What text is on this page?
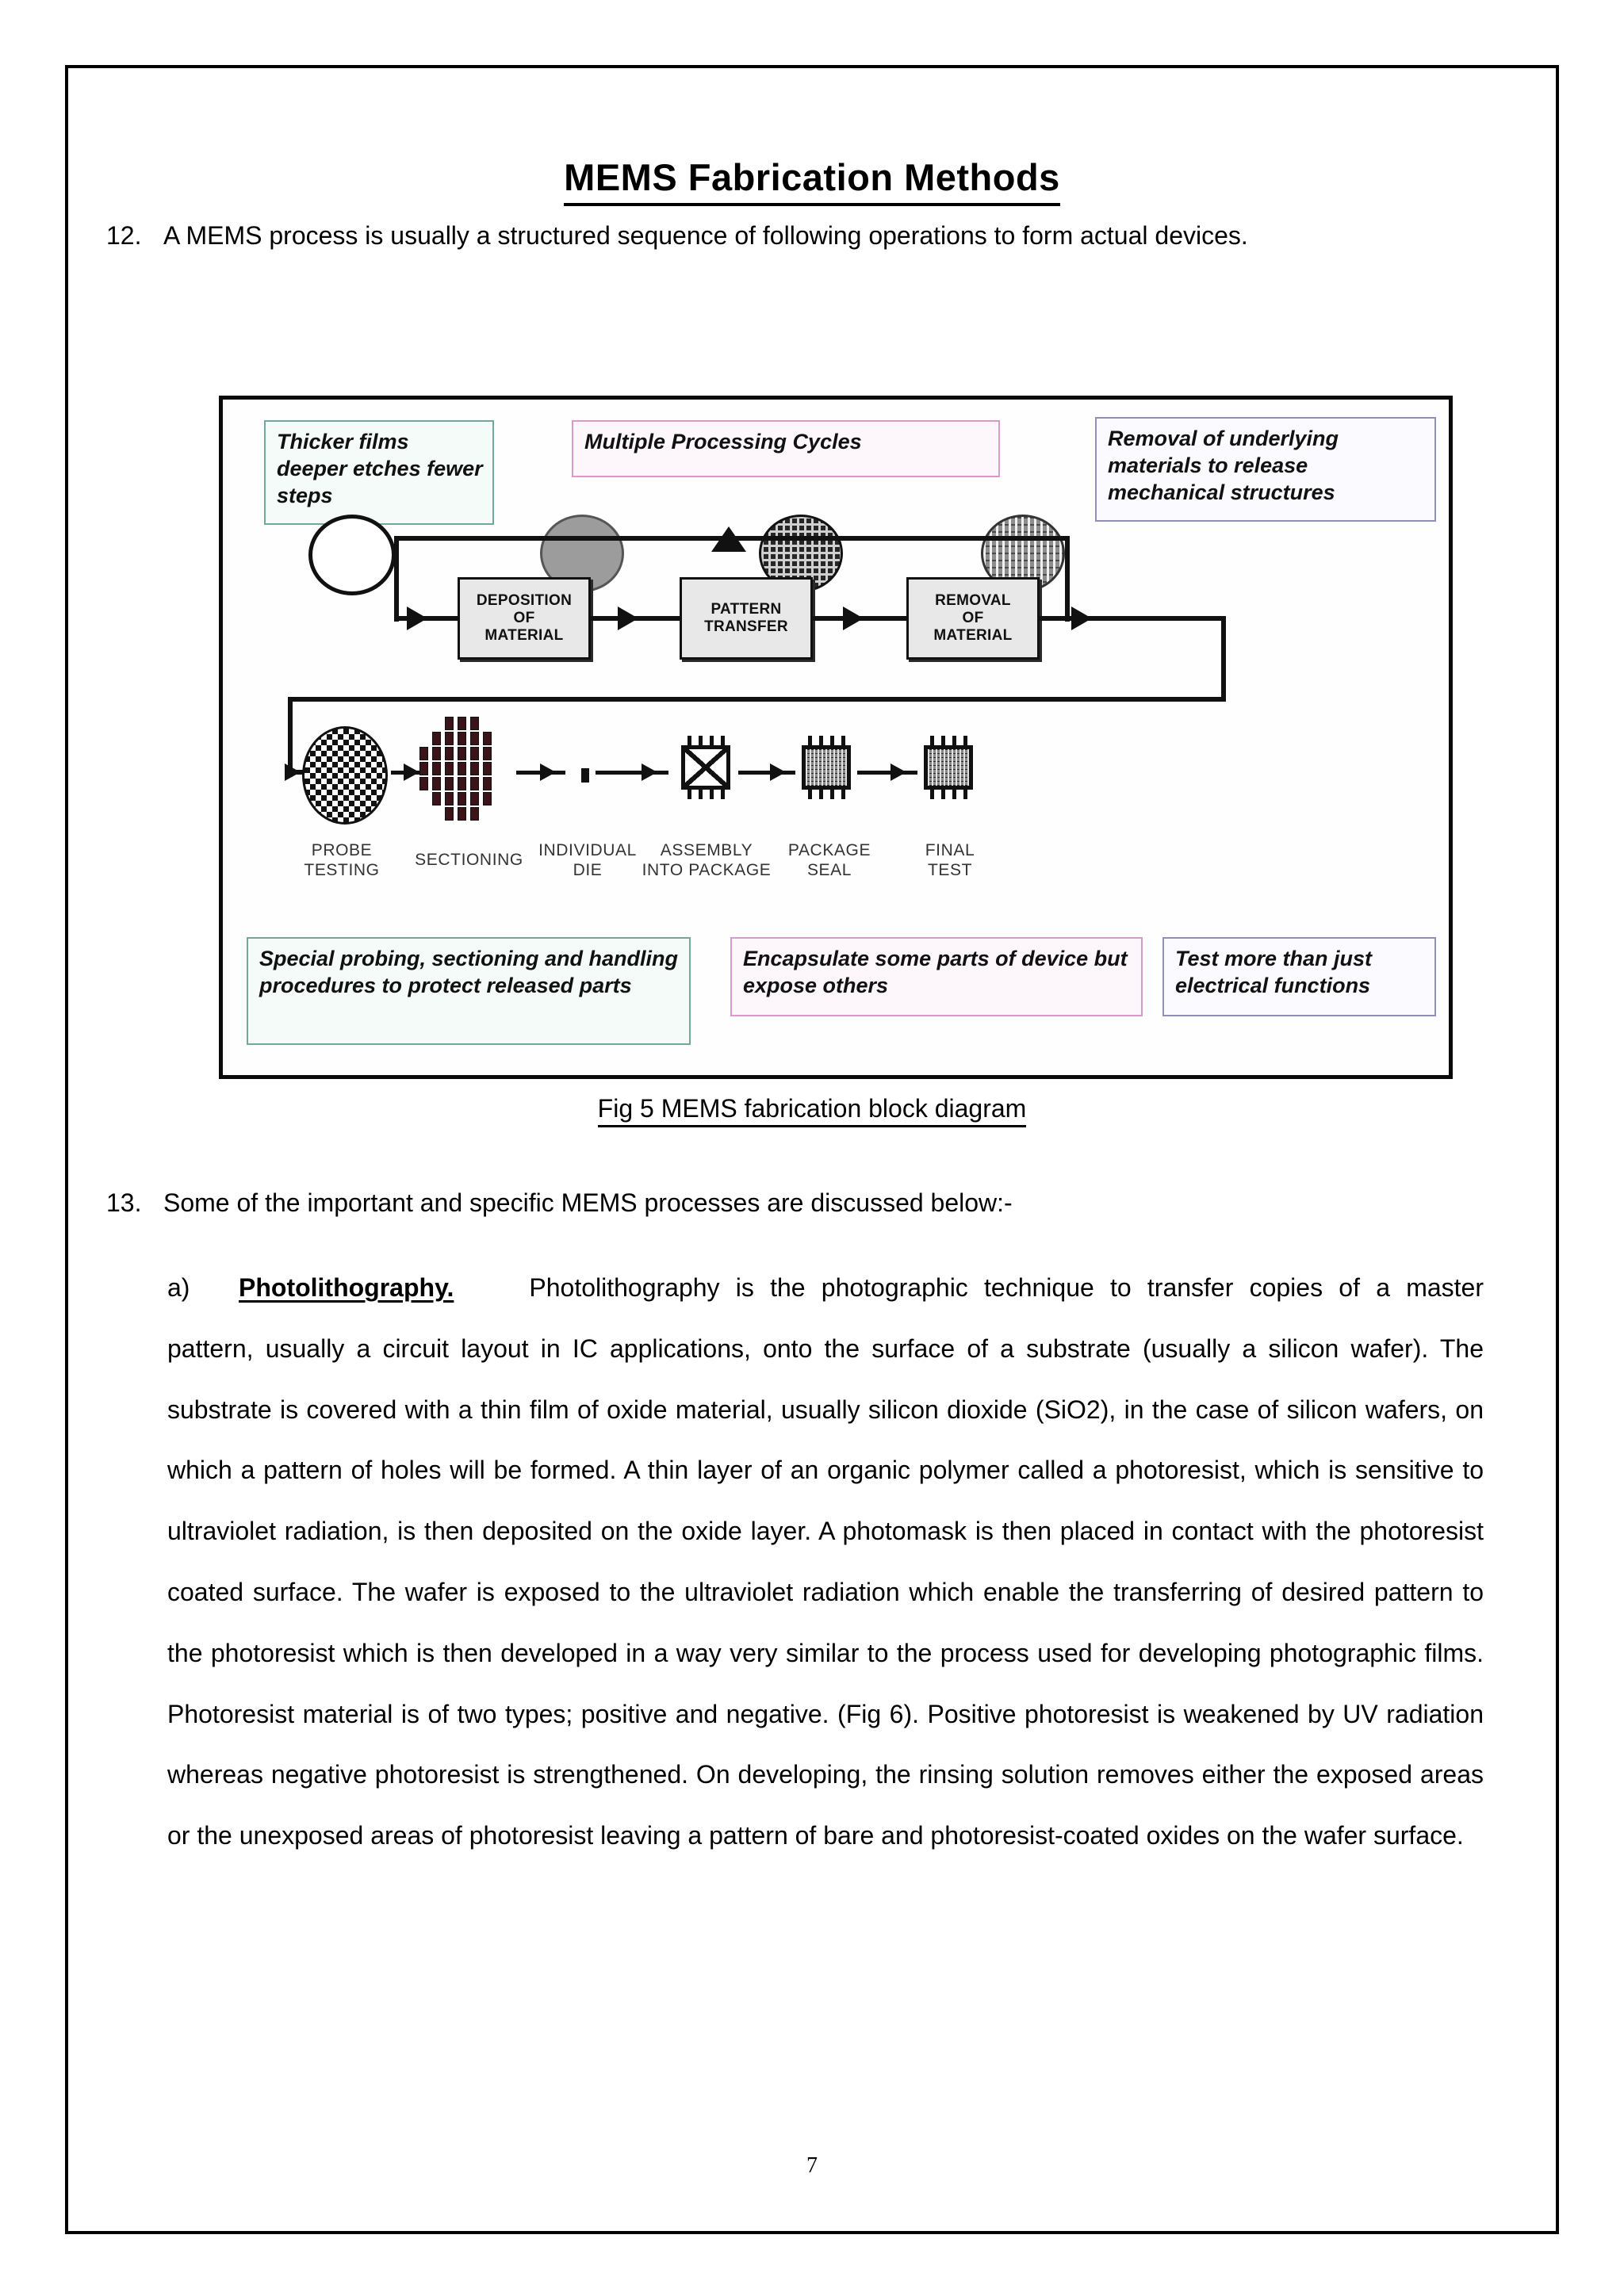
MEMS Fabrication Methods
12. A MEMS process is usually a structured sequence of following operations to form actual devices.
Thicker films deeper etches fewer steps
Multiple Processing Cycles	Removal of underlying materials to release mechanical structures
DEPOSITION
OF
MATERIAL
PATTERN
TRANSFER
REMOVAL
OF
MATERIAL
PROBE
TESTING
SECTIONING
INDIVIDUAL
DIE
ASSEMBLY
INTO PACKAGE
PACKAGE
SEAL
FINAL
TEST
Special probing, sectioning and handling procedures to protect released parts
Encapsulate some parts of device but expose others
Test more than just electrical functions
Fig 5 MEMS fabrication block diagram
13. Some of the important and specific MEMS processes are discussed below:-
a) Photolithography.	Photolithography is the photographic technique to transfer copies of a master pattern, usually a circuit layout in IC applications, onto the surface of a substrate (usually a silicon wafer). The substrate is covered with a thin film of oxide material, usually silicon dioxide (SiO2), in the case of silicon wafers, on which a pattern of holes will be formed. A thin layer of an organic polymer called a photoresist, which is sensitive to ultraviolet radiation, is then deposited on the oxide layer. A photomask is then placed in contact with the photoresist coated surface. The wafer is exposed to the ultraviolet radiation which enable the transferring of desired pattern to the photoresist which is then developed in a way very similar to the process used for developing photographic films. Photoresist material is of two types; positive and negative. (Fig 6). Positive photoresist is weakened by UV radiation whereas negative photoresist is strengthened. On developing, the rinsing solution removes either the exposed areas or the unexposed areas of photoresist leaving a pattern of bare and photoresist-coated oxides on the wafer surface.
7
